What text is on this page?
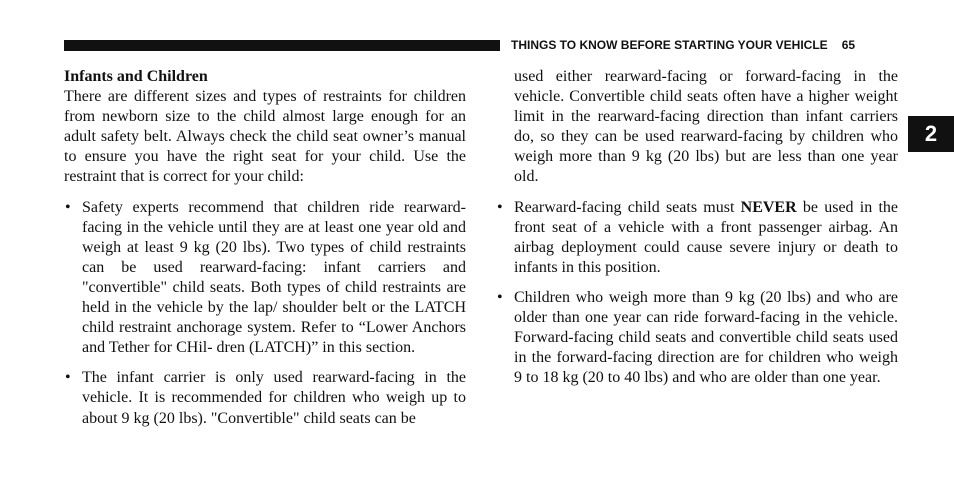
THINGS TO KNOW BEFORE STARTING YOUR VEHICLE 65
2

Infants and Children

There are different sizes and types of restraints for children from newborn size to the child almost large enough for an adult safety belt. Always check the child seat owner’s manual to ensure you have the right seat for your child. Use the restraint that is correct for your child:

• Safety experts recommend that children ride rearward-facing in the vehicle until they are at least one year old and weigh at least 9 kg (20 lbs). Two types of child restraints can be used rearward-facing: infant carriers and "convertible" child seats. Both types of child restraints are held in the vehicle by the lap/ shoulder belt or the LATCH child restraint anchorage system. Refer to “Lower Anchors and Tether for CHil- dren (LATCH)” in this section.
• The infant carrier is only used rearward-facing in the vehicle. It is recommended for children who weigh up to about 9 kg (20 lbs). "Convertible" child seats can be

used either rearward-facing or forward-facing in the vehicle. Convertible child seats often have a higher weight limit in the rearward-facing direction than infant carriers do, so they can be used rearward-facing by children who weigh more than 9 kg (20 lbs) but are less than one year old.

• Rearward-facing child seats must NEVER be used in the front seat of a vehicle with a front passenger airbag. An airbag deployment could cause severe injury or death to infants in this position.
• Children who weigh more than 9 kg (20 lbs) and who are older than one year can ride forward-facing in the vehicle. Forward-facing child seats and convertible child seats used in the forward-facing direction are for children who weigh 9 to 18 kg (20 to 40 lbs) and who are older than one year.
